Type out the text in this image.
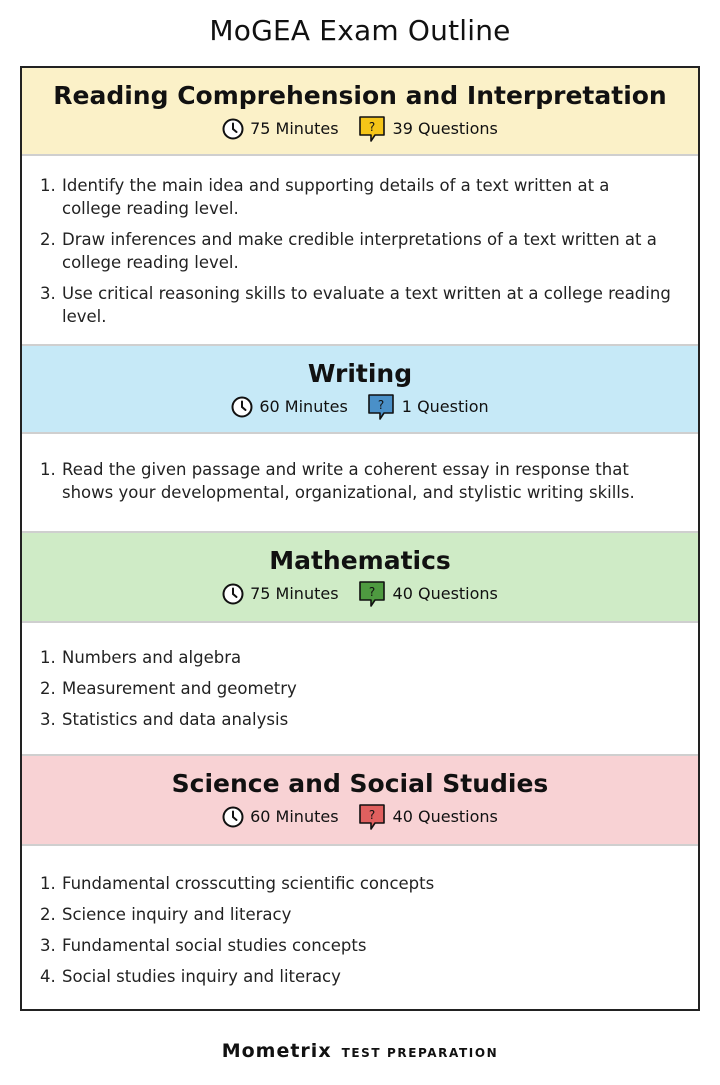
MoGEA Exam Outline
Reading Comprehension and Interpretation
75 Minutes ? 39 Questions
1. Identify the main idea and supporting details of a text written at a college reading level.
2. Draw inferences and make credible interpretations of a text written at a college reading level.
3. Use critical reasoning skills to evaluate a text written at a college reading level.
Writing
60 Minutes ? 1 Question
1. Read the given passage and write a coherent essay in response that shows your developmental, organizational, and stylistic writing skills.
Mathematics
75 Minutes ? 40 Questions
1. Numbers and algebra
2. Measurement and geometry
3. Statistics and data analysis
Science and Social Studies
60 Minutes ? 40 Questions
1. Fundamental crosscutting scientific concepts
2. Science inquiry and literacy
3. Fundamental social studies concepts
4. Social studies inquiry and literacy
Mometrix TEST PREPARATION
